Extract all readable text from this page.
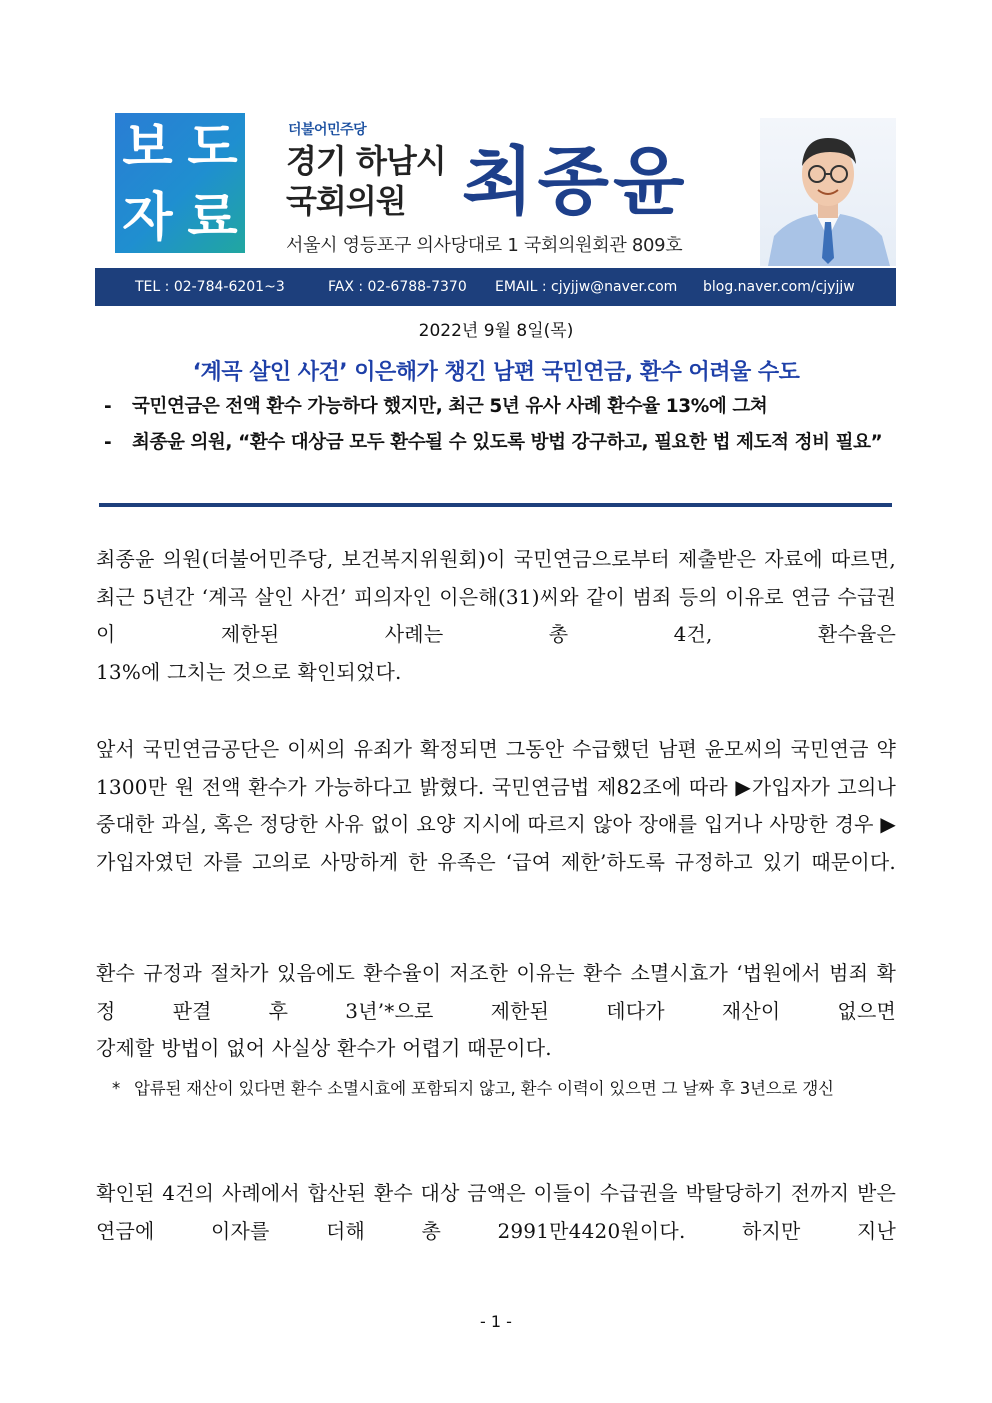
보 도
자 료
더불어민주당
경기 하남시
국회의원 최종윤
서울시 영등포구 의사당대로 1 국회의원회관 809호
TEL : 02-784-6201~3	FAX : 02-6788-7370 EMAIL : cjyjjw@naver.com blog.naver.com/cjyjjw
2022년 9월 8일(목)
‘계곡 살인 사건’ 이은해가 챙긴 남편 국민연금, 환수 어려울 수도
-	국민연금은 전액 환수 가능하다 했지만, 최근 5년 유사 사례 환수율 13%에 그쳐
-	최종윤 의원, “환수 대상금 모두 환수될 수 있도록 방법 강구하고, 필요한 법 제도적 정비 필요”
최종윤 의원(더불어민주당, 보건복지위원회)이 국민연금으로부터 제출받은 자료에 따르면, 최근 5년간 ‘계곡 살인 사건’ 피의자인 이은해(31)씨와 같이 범죄 등의 이유로 연금 수급권이 제한된 사례는 총 4건, 환수율은
13%에 그치는 것으로 확인되었다.
앞서 국민연금공단은 이씨의 유죄가 확정되면 그동안 수급했던 남편 윤모씨의 국민연금 약 1300만 원 전액 환수가 가능하다고 밝혔다. 국민연금법 제82조에 따라 ▶가입자가 고의나 중대한 과실, 혹은 정당한 사유 없이 요양 지시에 따르지 않아 장애를 입거나 사망한 경우 ▶가입자였던 자를 고의로 사망하게 한 유족은 ‘급여 제한’하도록 규정하고 있기 때문이다.
환수 규정과 절차가 있음에도 환수율이 저조한 이유는 환수 소멸시효가 ‘법원에서 범죄 확정 판결 후 3년’*으로 제한된 데다가 재산이 없으면
강제할 방법이 없어 사실상 환수가 어렵기 때문이다.
* 압류된 재산이 있다면 환수 소멸시효에 포함되지 않고, 환수 이력이 있으면 그 날짜 후 3년으로 갱신
확인된 4건의 사례에서 합산된 환수 대상 금액은 이들이 수급권을 박탈당하기 전까지 받은 연금에 이자를 더해 총 2991만4420원이다. 하지만 지난
- 1 -
